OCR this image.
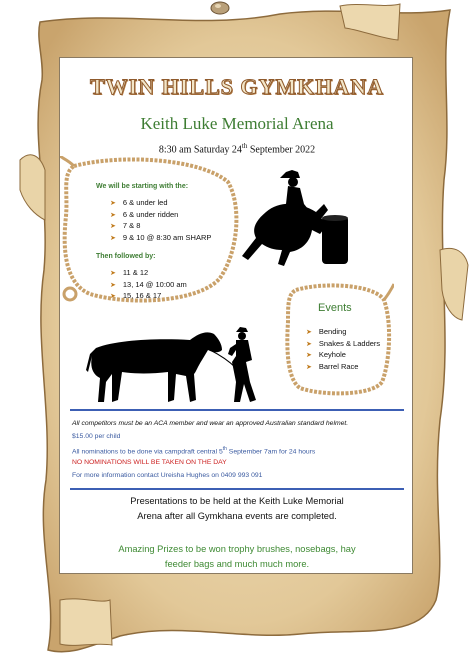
TWIN HILLS GYMKHANA
Keith Luke Memorial Arena
8:30 am Saturday 24th September 2022
We will be starting with the:
➤ 6 & under led
➤ 6 & under ridden
➤ 7 & 8
➤ 9 & 10 @ 8:30 am SHARP
Then followed by:
➤ 11 & 12
➤ 13, 14 @ 10:00 am
➤ 15, 16 & 17
Events
➤ Bending
➤ Snakes & Ladders
➤ Keyhole
➤ Barrel Race
All competitors must be an ACA member and wear an approved Australian standard helmet.
$15.00 per child
All nominations to be done via campdraft central 5th September 7am for 24 hours
NO NOMINATIONS WILL BE TAKEN ON THE DAY
For more information contact Ureisha Hughes on 0409 993 091
Presentations to be held at the Keith Luke Memorial
Arena after all Gymkhana events are completed.
Amazing Prizes to be won trophy brushes, nosebags, hay
feeder bags and much much more.
